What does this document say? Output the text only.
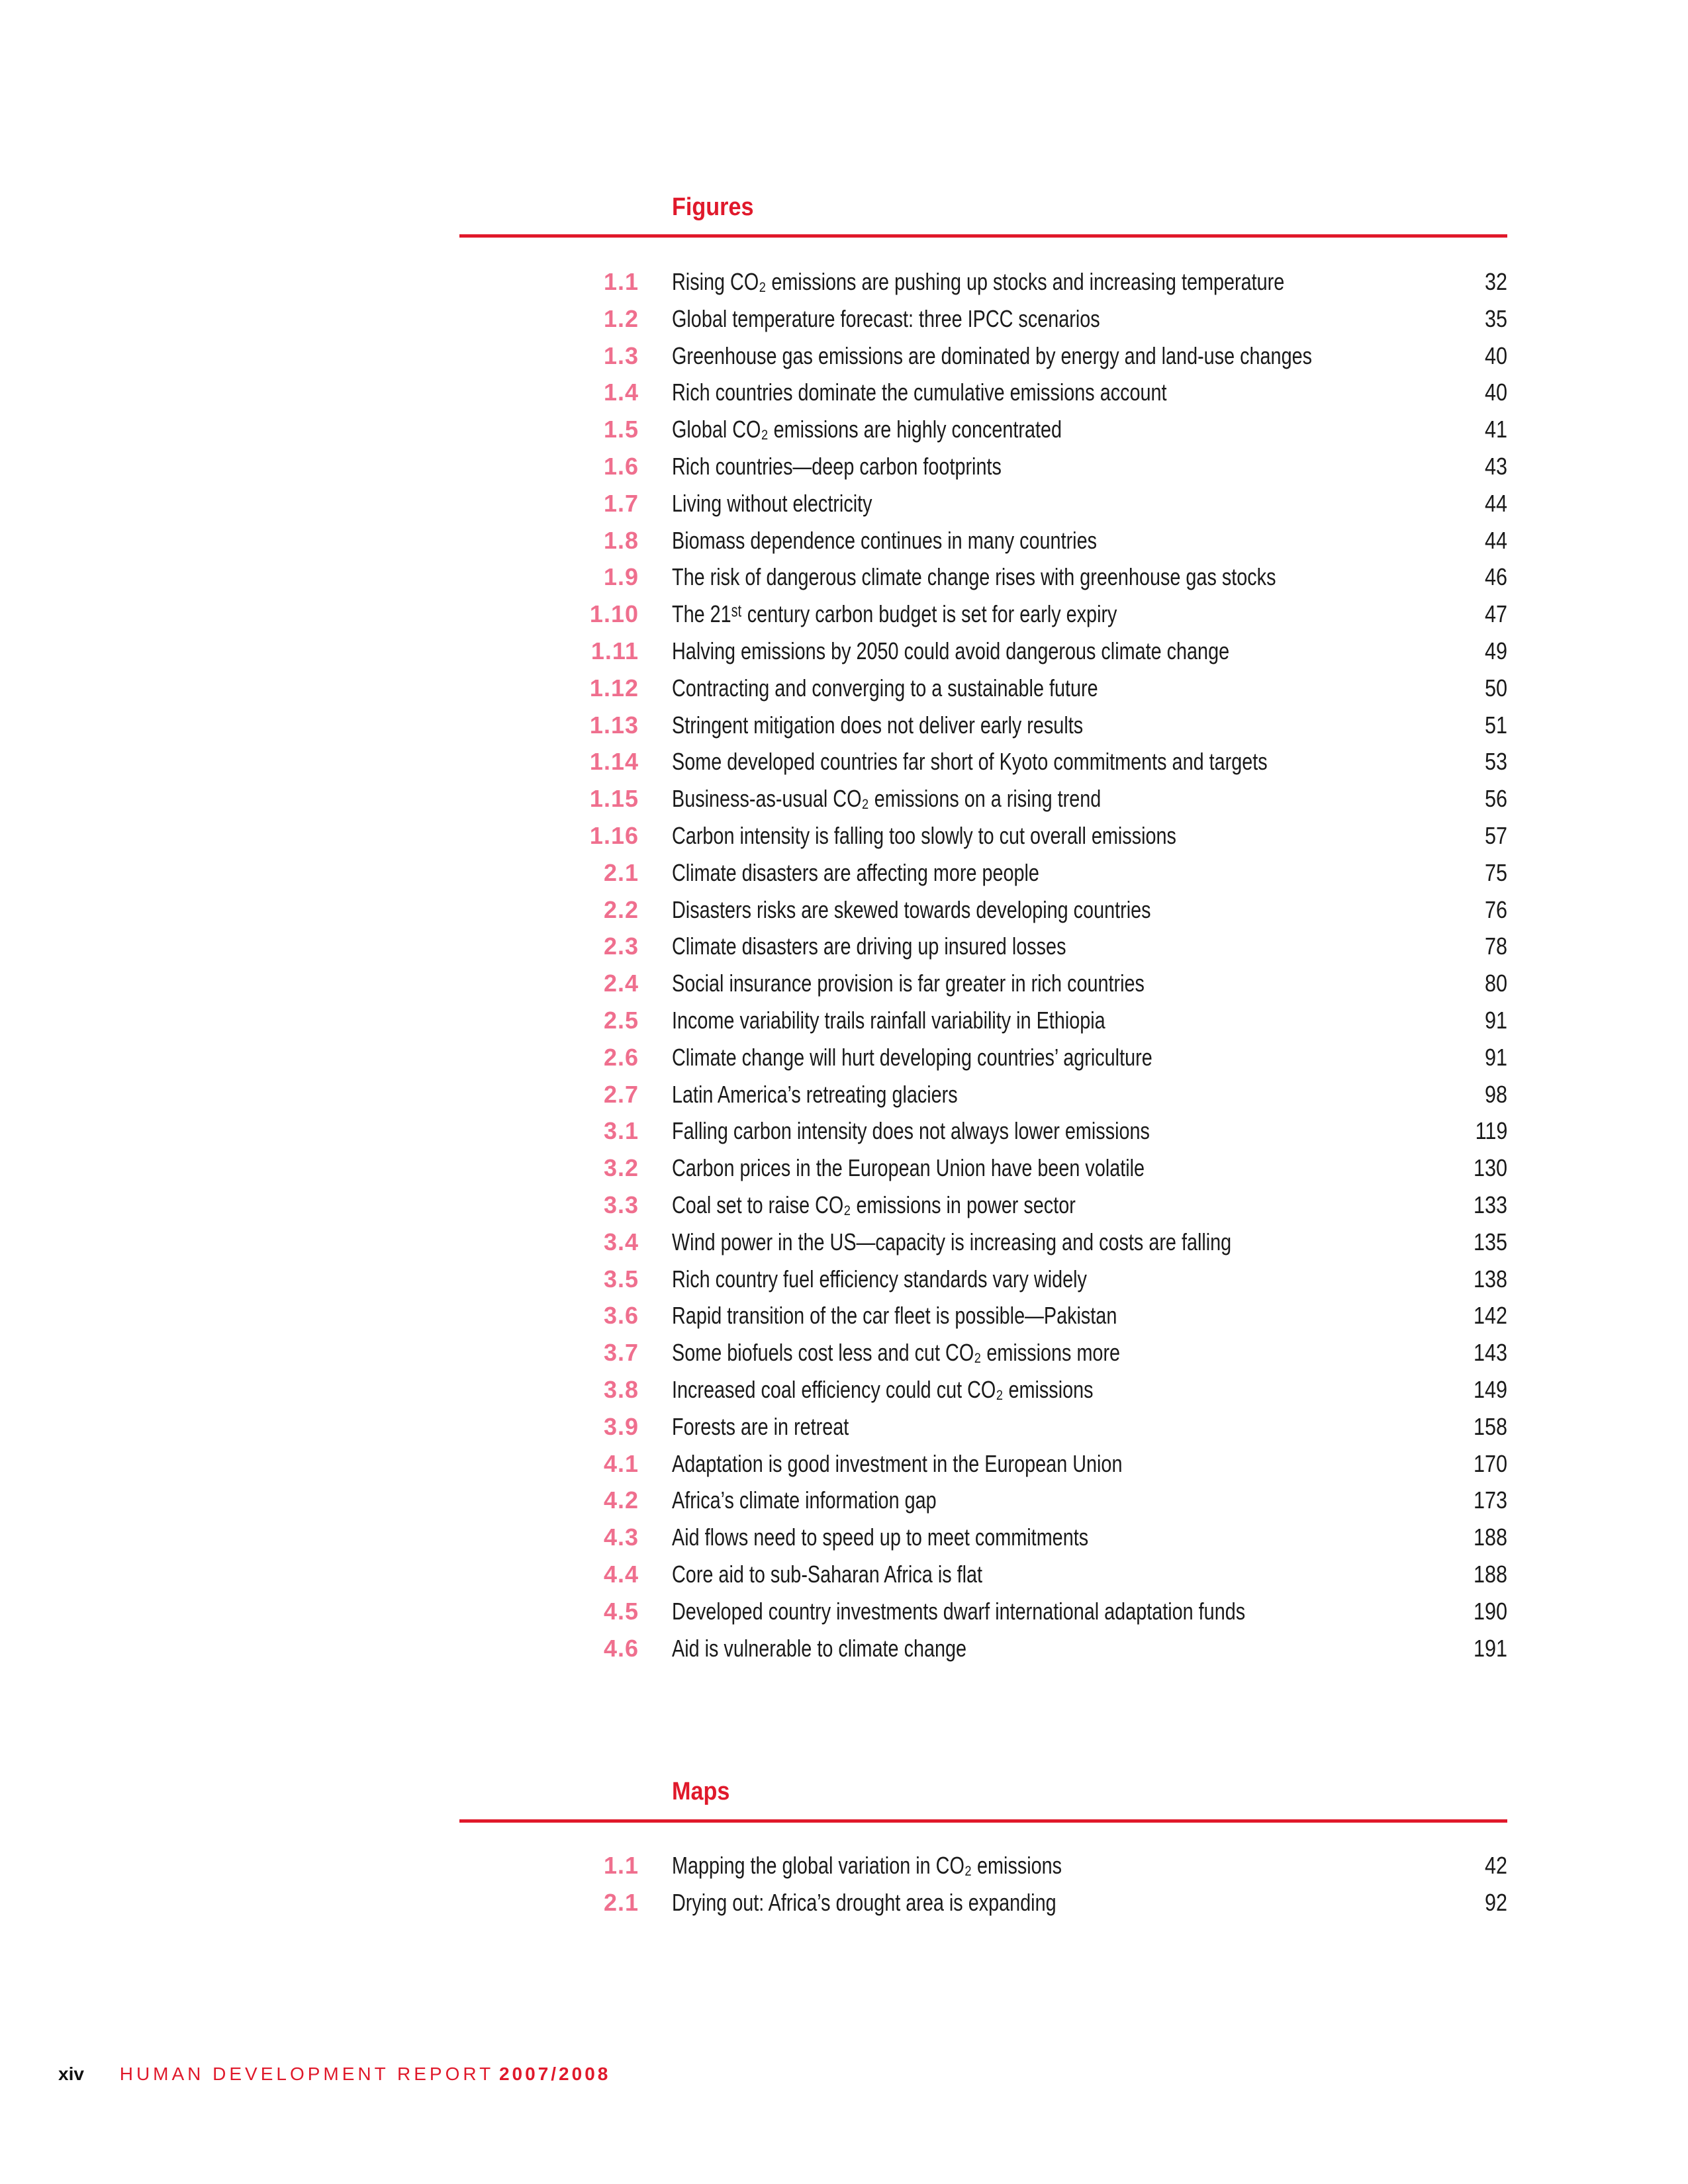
Figures
1.1 Rising CO₂ emissions are pushing up stocks and increasing temperature	32
1.2 Global temperature forecast: three IPCC scenarios	35
1.3 Greenhouse gas emissions are dominated by energy and land-use changes	40
1.4 Rich countries dominate the cumulative emissions account	40
1.5 Global CO₂ emissions are highly concentrated	41
1.6 Rich countries—deep carbon footprints	43
1.7 Living without electricity	44
1.8 Biomass dependence continues in many countries	44
1.9 The risk of dangerous climate change rises with greenhouse gas stocks	46
1.10 The 21ˢᵗ century carbon budget is set for early expiry	47
1.11 Halving emissions by 2050 could avoid dangerous climate change	49
1.12 Contracting and converging to a sustainable future	50
1.13 Stringent mitigation does not deliver early results	51
1.14 Some developed countries far short of Kyoto commitments and targets	53
1.15 Business-as-usual CO₂ emissions on a rising trend	56
1.16 Carbon intensity is falling too slowly to cut overall emissions	57
2.1 Climate disasters are affecting more people	75
2.2 Disasters risks are skewed towards developing countries	76
2.3 Climate disasters are driving up insured losses	78
2.4 Social insurance provision is far greater in rich countries	80
2.5 Income variability trails rainfall variability in Ethiopia	91
2.6 Climate change will hurt developing countries’ agriculture	91
2.7 Latin America’s retreating glaciers	98
3.1 Falling carbon intensity does not always lower emissions	119
3.2 Carbon prices in the European Union have been volatile	130
3.3 Coal set to raise CO₂ emissions in power sector	133
3.4 Wind power in the US—capacity is increasing and costs are falling	135
3.5 Rich country fuel efficiency standards vary widely	138
3.6 Rapid transition of the car fleet is possible—Pakistan	142
3.7 Some biofuels cost less and cut CO₂ emissions more	143
3.8 Increased coal efficiency could cut CO₂ emissions	149
3.9 Forests are in retreat	158
4.1 Adaptation is good investment in the European Union	170
4.2 Africa’s climate information gap	173
4.3 Aid flows need to speed up to meet commitments	188
4.4 Core aid to sub-Saharan Africa is flat	188
4.5 Developed country investments dwarf international adaptation funds	190
4.6 Aid is vulnerable to climate change	191
Maps
1.1 Mapping the global variation in CO₂ emissions	42
2.1 Drying out: Africa’s drought area is expanding	92
xiv HUMAN DEVELOPMENT REPORT 2007/2008
